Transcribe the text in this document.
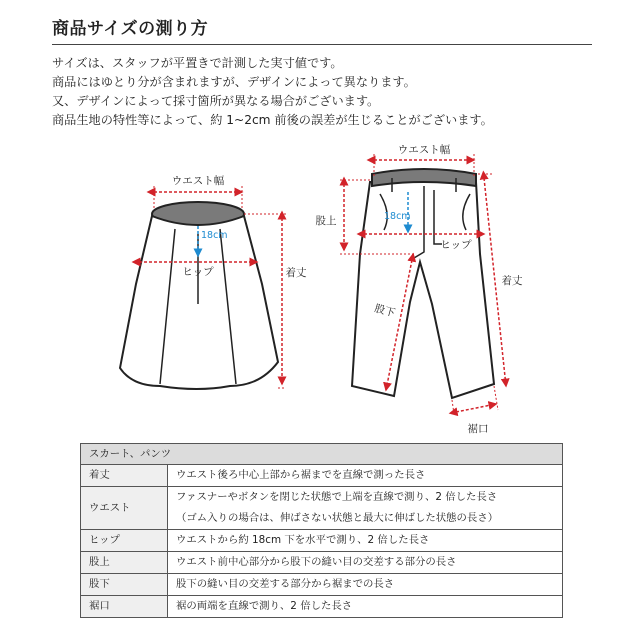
商品サイズの測り方
サイズは、スタッフが平置きで計測した実寸値です。
商品にはゆとり分が含まれますが、デザインによって異なります。
又、デザインによって採寸箇所が異なる場合がございます。
商品生地の特性等によって、約 1~2cm 前後の誤差が生じることがございます。
ウエスト幅
18cm
ヒップ	着丈
ウエスト幅
股上	18cm
ヒップ
着丈
股下
裾口
スカート、パンツ	
着丈	ウエスト後ろ中心上部から裾までを直線で測った長さ

ウエスト	ファスナーやボタンを閉じた状態で上端を直線で測り、2 倍した長さ
（ゴム入りの場合は、伸ばさない状態と最大に伸ばした状態の長さ）

ヒップ	ウエストから約 18cm 下を水平で測り、2 倍した長さ

股上	ウエスト前中心部分から股下の縫い目の交差する部分の長さ

股下	股下の縫い目の交差する部分から裾までの長さ

裾口	裾の両端を直線で測り、2 倍した長さ
